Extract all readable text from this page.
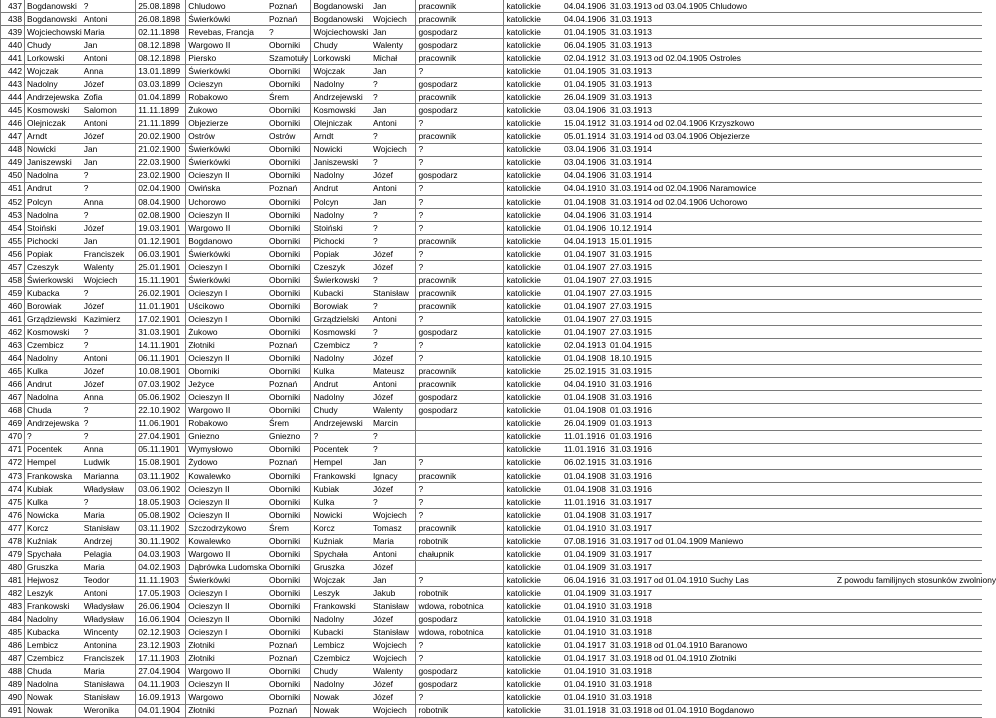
437	Bogdanowski	?	25.08.1898	Chludowo	Poznań	Bogdanowski	Jan	pracownik	katolickie	04.04.1906	31.03.1913	od 03.04.1905 Chludowo
438	Bogdanowski	Antoni	26.08.1898	Świerkówki	Poznań	Bogdanowski	Wojciech	pracownik	katolickie	04.04.1906	31.03.1913	
439	Wojciechowski	Maria	02.11.1898	Revebas, Francja	?	Wojciechowski	Jan	gospodarz	katolickie	01.04.1905	31.03.1913	
440	Chudy	Jan	08.12.1898	Wargowo II	Oborniki	Chudy	Walenty	gospodarz	katolickie	06.04.1905	31.03.1913	
441	Lorkowski	Antoni	08.12.1898	Piersko	Szamotuły	Lorkowski	Michał	pracownik	katolickie	02.04.1912	31.03.1913	od 02.04.1905 Ostroles
442	Wojczak	Anna	13.01.1899	Świerkówki	Oborniki	Wojczak	Jan	?	katolickie	01.04.1905	31.03.1913	
443	Nadolny	Józef	03.03.1899	Ocieszyn	Oborniki	Nadolny	?	gospodarz	katolickie	01.04.1905	31.03.1913	
444	Andrzejewska	Zofia	01.04.1899	Robakowo	Śrem	Andrzejewski	?	pracownik	katolickie	26.04.1909	31.03.1913	
445	Kosmowski	Salomon	11.11.1899	Żukowo	Oborniki	Kosmowski	Jan	gospodarz	katolickie	03.04.1906	31.03.1913	
446	Olejniczak	Antoni	21.11.1899	Objezierze	Oborniki	Olejniczak	Antoni	?	katolickie	15.04.1912	31.03.1914	od 02.04.1906 Krzyszkowo
447	Arndt	Józef	20.02.1900	Ostrów	Ostrów	Arndt	?	pracownik	katolickie	05.01.1914	31.03.1914	od 03.04.1906 Objezierze
448	Nowicki	Jan	21.02.1900	Świerkówki	Oborniki	Nowicki	Wojciech	?	katolickie	03.04.1906	31.03.1914	
449	Janiszewski	Jan	22.03.1900	Świerkówki	Oborniki	Janiszewski	?	?	katolickie	03.04.1906	31.03.1914	
450	Nadolna	?	23.02.1900	Ocieszyn II	Oborniki	Nadolny	Józef	gospodarz	katolickie	04.04.1906	31.03.1914	
451	Andrut	?	02.04.1900	Owińska	Poznań	Andrut	Antoni	?	katolickie	04.04.1910	31.03.1914	od 02.04.1906 Naramowice
452	Polcyn	Anna	08.04.1900	Uchorowo	Oborniki	Polcyn	Jan	?	katolickie	01.04.1908	31.03.1914	od 02.04.1906 Uchorowo
453	Nadolna	?	02.08.1900	Ocieszyn II	Oborniki	Nadolny	?	?	katolickie	04.04.1906	31.03.1914	
454	Stoiński	Józef	19.03.1901	Wargowo II	Oborniki	Stoiński	?	?	katolickie	01.04.1906	10.12.1914	
455	Pichocki	Jan	01.12.1901	Bogdanowo	Oborniki	Pichocki	?	pracownik	katolickie	04.04.1913	15.01.1915	
456	Popiak	Franciszek	06.03.1901	Świerkówki	Oborniki	Popiak	Józef	?	katolickie	01.04.1907	31.03.1915	
457	Czeszyk	Walenty	25.01.1901	Ocieszyn I	Oborniki	Czeszyk	Józef	?	katolickie	01.04.1907	27.03.1915	
458	Świerkowski	Wojciech	15.11.1901	Świerkówki	Oborniki	Świerkowski	?	pracownik	katolickie	01.04.1907	27.03.1915	
459	Kubacka	?	26.02.1901	Ocieszyn I	Oborniki	Kubacki	Stanisław	pracownik	katolickie	01.04.1907	27.03.1915	
460	Borowiak	Józef	11.01.1901	Uścikowo	Oborniki	Borowiak	?	pracownik	katolickie	01.04.1907	27.03.1915	
461	Grządziewski	Kazimierz	17.02.1901	Ocieszyn I	Oborniki	Grządzielski	Antoni	?	katolickie	01.04.1907	27.03.1915	
462	Kosmowski	?	31.03.1901	Żukowo	Oborniki	Kosmowski	?	gospodarz	katolickie	01.04.1907	27.03.1915	
463	Czembicz	?	14.11.1901	Złotniki	Poznań	Czembicz	?	?	katolickie	02.04.1913	01.04.1915	
464	Nadolny	Antoni	06.11.1901	Ocieszyn II	Oborniki	Nadolny	Józef	?	katolickie	01.04.1908	18.10.1915	
465	Kulka	Józef	10.08.1901	Oborniki	Oborniki	Kulka	Mateusz	pracownik	katolickie	25.02.1915	31.03.1915	
466	Andrut	Józef	07.03.1902	Jeżyce	Poznań	Andrut	Antoni	pracownik	katolickie	04.04.1910	31.03.1916	
467	Nadolna	Anna	05.06.1902	Ocieszyn II	Oborniki	Nadolny	Józef	gospodarz	katolickie	01.04.1908	31.03.1916	
468	Chuda	?	22.10.1902	Wargowo II	Oborniki	Chudy	Walenty	gospodarz	katolickie	01.04.1908	01.03.1916	
469	Andrzejewska	?	11.06.1901	Robakowo	Śrem	Andrzejewski	Marcin		katolickie	26.04.1909	01.03.1913	
470	?	?	27.04.1901	Gniezno	Gniezno	?	?		katolickie	11.01.1916	01.03.1916	
471	Pocentek	Anna	05.11.1901	Wymysłowo	Oborniki	Pocentek	?		katolickie	11.01.1916	31.03.1916	
472	Hempel	Ludwik	15.08.1901	Żydowo	Poznań	Hempel	Jan	?	katolickie	06.02.1915	31.03.1916	
473	Frankowska	Marianna	03.11.1902	Kowalewko	Oborniki	Frankowski	Ignacy	pracownik	katolickie	01.04.1908	31.03.1916	
474	Kubiak	Władysław	03.06.1902	Ocieszyn II	Oborniki	Kubiak	Józef	?	katolickie	01.04.1908	31.03.1916	
475	Kulka	?	18.05.1903	Ocieszyn II	Oborniki	Kulka	?	?	katolickie	11.01.1916	31.03.1917	
476	Nowicka	Maria	05.08.1902	Ocieszyn II	Oborniki	Nowicki	Wojciech	?	katolickie	01.04.1908	31.03.1917	
477	Korcz	Stanisław	03.11.1902	Szczodrzykowo	Śrem	Korcz	Tomasz	pracownik	katolickie	01.04.1910	31.03.1917	
478	Kuźniak	Andrzej	30.11.1902	Kowalewko	Oborniki	Kuźniak	Maria	robotnik	katolickie	07.08.1916	31.03.1917	od 01.04.1909 Maniewo
479	Spychała	Pelagia	04.03.1903	Wargowo II	Oborniki	Spychała	Antoni	chałupnik	katolickie	01.04.1909	31.03.1917	
480	Gruszka	Maria	04.02.1903	Dąbrówka Ludomska	Oborniki	Gruszka	Józef		katolickie	01.04.1909	31.03.1917	
481	Hejwosz	Teodor	11.11.1903	Świerkówki	Oborniki	Wojczak	Jan	?	katolickie	06.04.1916	31.03.1917	od 01.04.1910 Suchy Las Z powodu familijnych stosunków zwolniony

482	Leszyk	Antoni	17.05.1903	Ocieszyn I	Oborniki	Leszyk	Jakub	robotnik	katolickie	01.04.1909	31.03.1917	
483	Frankowski	Władysław	26.06.1904	Ocieszyn II	Oborniki	Frankowski	Stanisław	wdowa, robotnica	katolickie	01.04.1910	31.03.1918	
484	Nadolny	Władysław	16.06.1904	Ocieszyn II	Oborniki	Nadolny	Józef	gospodarz	katolickie	01.04.1910	31.03.1918	
485	Kubacka	Wincenty	02.12.1903	Ocieszyn I	Oborniki	Kubacki	Stanisław	wdowa, robotnica	katolickie	01.04.1910	31.03.1918	
486	Lembicz	Antonina	23.12.1903	Złotniki	Poznań	Lembicz	Wojciech	?	katolickie	01.04.1917	31.03.1918	od 01.04.1910 Baranowo
487	Czembicz	Franciszek	17.11.1903	Złotniki	Poznań	Czembicz	Wojciech	?	katolickie	01.04.1917	31.03.1918	od 01.04.1910 Złotniki
488	Chuda	Maria	27.04.1904	Wargowo II	Oborniki	Chudy	Walenty	gospodarz	katolickie	01.04.1910	31.03.1918	
489	Nadolna	Stanisława	04.11.1903	Ocieszyn II	Oborniki	Nadolny	Józef	gospodarz	katolickie	01.04.1910	31.03.1918	
490	Nowak	Stanisław	16.09.1913	Wargowo	Oborniki	Nowak	Józef	?	katolickie	01.04.1910	31.03.1918	
491	Nowak	Weronika	04.01.1904	Złotniki	Poznań	Nowak	Wojciech	robotnik	katolickie	31.01.1918	31.03.1918	od 01.04.1910 Bogdanowo
